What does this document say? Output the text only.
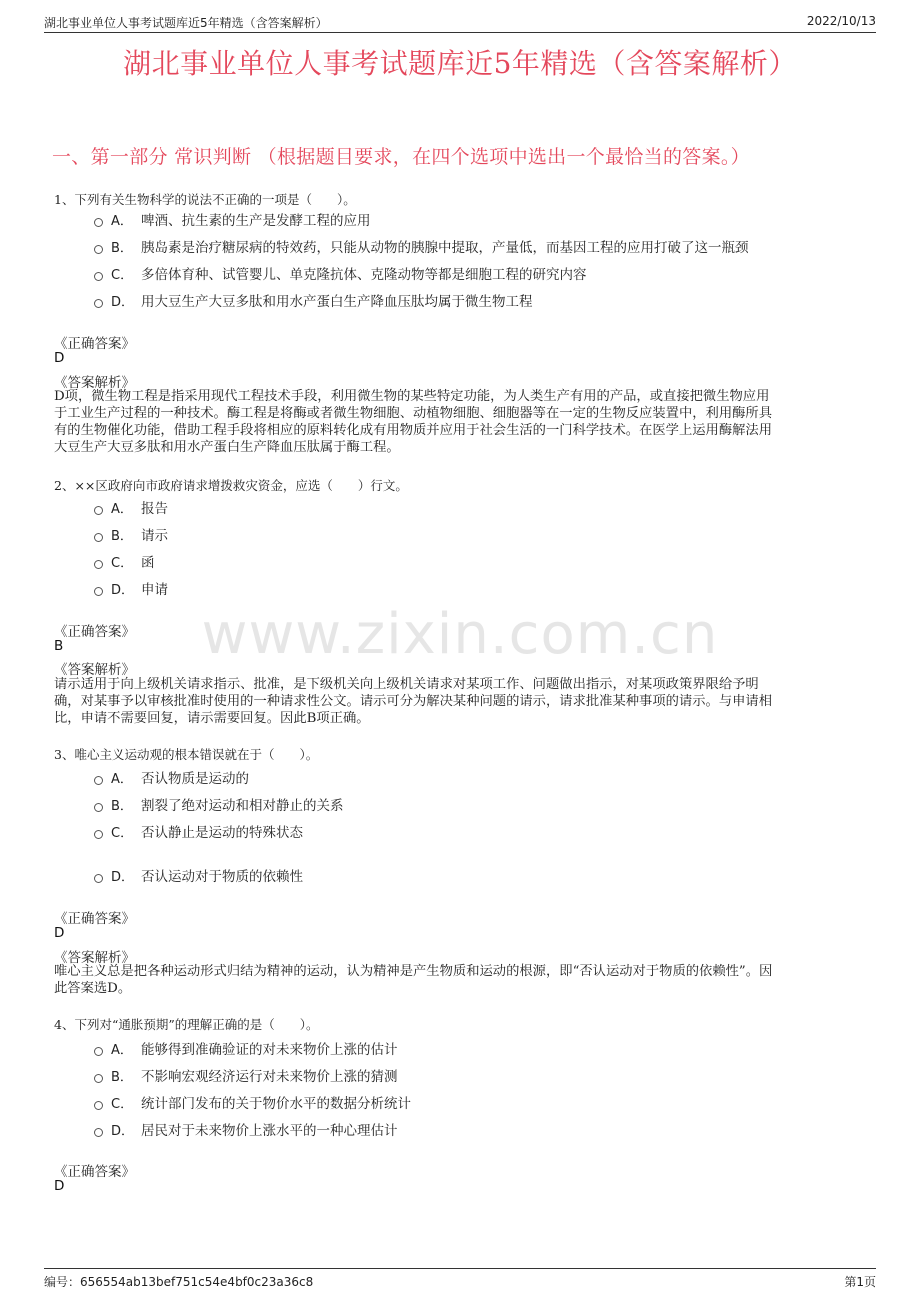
湖北事业单位人事考试题库近5年精选（含答案解析）	2022/10/13
湖北事业单位人事考试题库近5年精选（含答案解析）
一、第一部分 常识判断 （根据题目要求，在四个选项中选出一个最恰当的答案。）
www.zixin.com.cn
1、下列有关生物科学的说法不正确的一项是（　　）。
A． 啤酒、抗生素的生产是发酵工程的应用
B． 胰岛素是治疗糖尿病的特效药，只能从动物的胰腺中提取，产量低，而基因工程的应用打破了这一瓶颈
C． 多倍体育种、试管婴儿、单克隆抗体、克隆动物等都是细胞工程的研究内容
D． 用大豆生产大豆多肽和用水产蛋白生产降血压肽均属于微生物工程
《正确答案》
D
《答案解析》
D项，微生物工程是指采用现代工程技术手段，利用微生物的某些特定功能，为人类生产有用的产品，或直接把微生物应用
于工业生产过程的一种技术。酶工程是将酶或者微生物细胞、动植物细胞、细胞器等在一定的生物反应装置中，利用酶所具
有的生物催化功能，借助工程手段将相应的原料转化成有用物质并应用于社会生活的一门科学技术。在医学上运用酶解法用
大豆生产大豆多肽和用水产蛋白生产降血压肽属于酶工程。
2、××区政府向市政府请求增拨救灾资金，应选（　　）行文。
A． 报告
B． 请示
C． 函
D． 申请
《正确答案》
B
《答案解析》
请示适用于向上级机关请求指示、批准，是下级机关向上级机关请求对某项工作、问题做出指示，对某项政策界限给予明
确，对某事予以审核批准时使用的一种请求性公文。请示可分为解决某种问题的请示，请求批准某种事项的请示。与申请相
比，申请不需要回复，请示需要回复。因此B项正确。
3、唯心主义运动观的根本错误就在于（　　）。
A． 否认物质是运动的
B． 割裂了绝对运动和相对静止的关系
C． 否认静止是运动的特殊状态
D． 否认运动对于物质的依赖性
《正确答案》
D
《答案解析》
唯心主义总是把各种运动形式归结为精神的运动，认为精神是产生物质和运动的根源，即“否认运动对于物质的依赖性”。因
此答案选D。
4、下列对“通胀预期”的理解正确的是（　　）。
A． 能够得到准确验证的对未来物价上涨的估计
B． 不影响宏观经济运行对未来物价上涨的猜测
C． 统计部门发布的关于物价水平的数据分析统计
D． 居民对于未来物价上涨水平的一种心理估计
《正确答案》
D
编号：656554ab13bef751c54e4bf0c23a36c8	第1页
